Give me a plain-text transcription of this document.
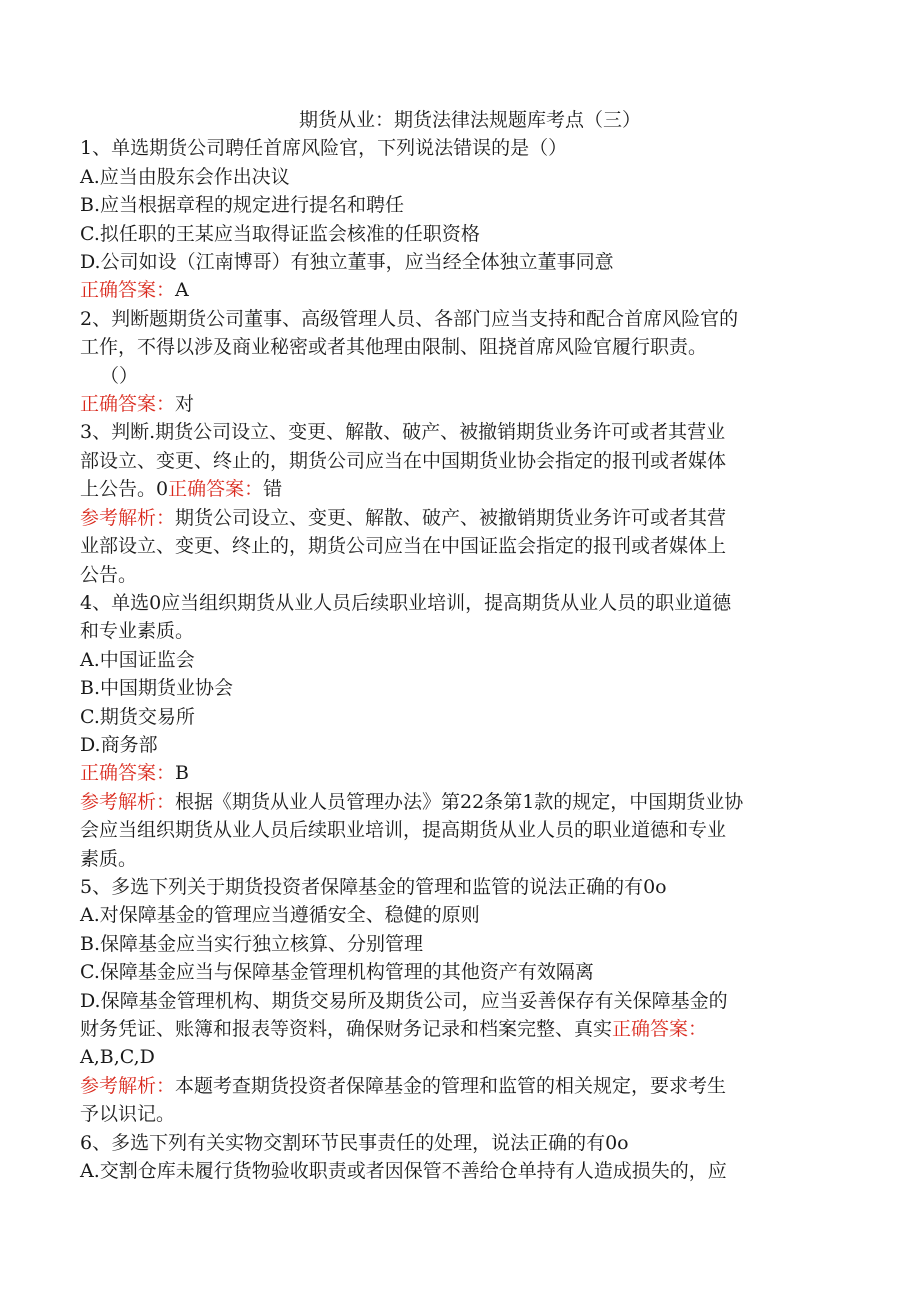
期货从业：期货法律法规题库考点（三）

1、单选期货公司聘任首席风险官，下列说法错误的是（）

A.应当由股东会作出决议

B.应当根据章程的规定进行提名和聘任

C.拟任职的王某应当取得证监会核准的任职资格

D.公司如设（江南博哥）有独立董事，应当经全体独立董事同意

正确答案：A

2、判断题期货公司董事、高级管理人员、各部门应当支持和配合首席风险官的

工作，不得以涉及商业秘密或者其他理由限制、阻挠首席风险官履行职责。

（）

正确答案：对

3、判断.期货公司设立、变更、解散、破产、被撤销期货业务许可或者其营业

部设立、变更、终止的，期货公司应当在中国期货业协会指定的报刊或者媒体

上公告。0正确答案：错

参考解析：期货公司设立、变更、解散、破产、被撤销期货业务许可或者其营

业部设立、变更、终止的，期货公司应当在中国证监会指定的报刊或者媒体上

公告。

4、单选0应当组织期货从业人员后续职业培训，提高期货从业人员的职业道德

和专业素质。

A.中国证监会

B.中国期货业协会

C.期货交易所

D.商务部

正确答案：B

参考解析：根据《期货从业人员管理办法》第22条第1款的规定，中国期货业协

会应当组织期货从业人员后续职业培训，提高期货从业人员的职业道德和专业

素质。

5、多选下列关于期货投资者保障基金的管理和监管的说法正确的有0o

A.对保障基金的管理应当遵循安全、稳健的原则

B.保障基金应当实行独立核算、分别管理

C.保障基金应当与保障基金管理机构管理的其他资产有效隔离

D.保障基金管理机构、期货交易所及期货公司，应当妥善保存有关保障基金的

财务凭证、账簿和报表等资料，确保财务记录和档案完整、真实正确答案：

A,B,C,D

参考解析：本题考查期货投资者保障基金的管理和监管的相关规定，要求考生

予以识记。

6、多选下列有关实物交割环节民事责任的处理，说法正确的有0o

A.交割仓库未履行货物验收职责或者因保管不善给仓单持有人造成损失的，应
